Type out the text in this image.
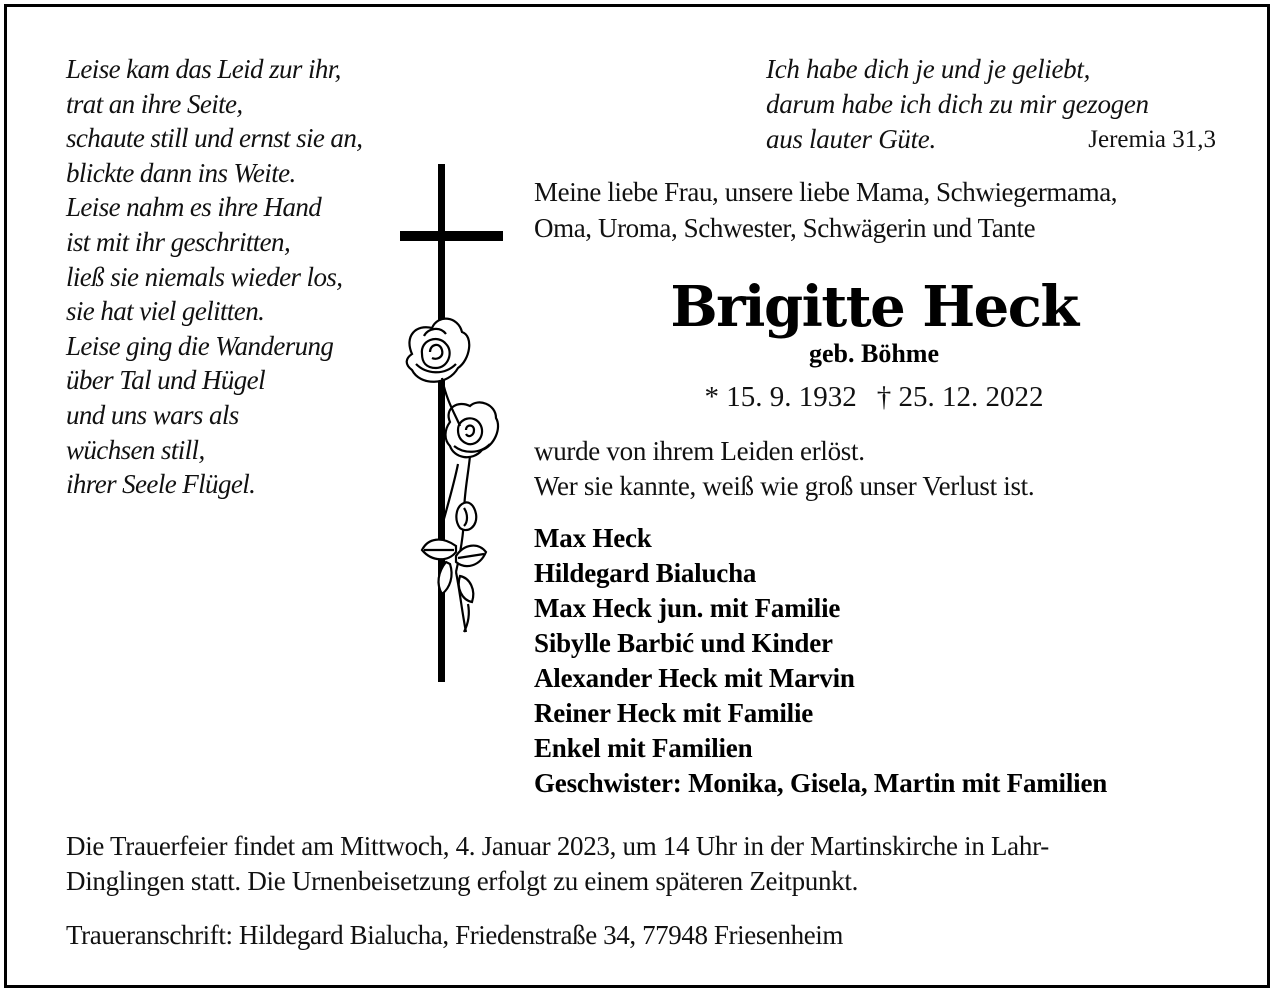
Leise kam das Leid zur ihr,
trat an ihre Seite,
schaute still und ernst sie an,
blickte dann ins Weite.
Leise nahm es ihre Hand
ist mit ihr geschritten,
ließ sie niemals wieder los,
sie hat viel gelitten.
Leise ging die Wanderung
über Tal und Hügel
und uns wars als
wüchsen still,
ihrer Seele Flügel.
Ich habe dich je und je geliebt,
darum habe ich dich zu mir gezogen
aus lauter Güte.	Jeremia 31,3
Meine liebe Frau, unsere liebe Mama, Schwiegermama,
Oma, Uroma, Schwester, Schwägerin und Tante
Brigitte Heck
geb. Böhme
* 15. 9. 1932 † 25. 12. 2022
wurde von ihrem Leiden erlöst.
Wer sie kannte, weiß wie groß unser Verlust ist.
Max Heck
Hildegard Bialucha
Max Heck jun. mit Familie
Sibylle Barbić und Kinder
Alexander Heck mit Marvin
Reiner Heck mit Familie
Enkel mit Familien
Geschwister: Monika, Gisela, Martin mit Familien
Die Trauerfeier findet am Mittwoch, 4. Januar 2023, um 14 Uhr in der Martinskirche in Lahr-
Dinglingen statt. Die Urnenbeisetzung erfolgt zu einem späteren Zeitpunkt.
Traueranschrift: Hildegard Bialucha, Friedenstraße 34, 77948 Friesenheim
